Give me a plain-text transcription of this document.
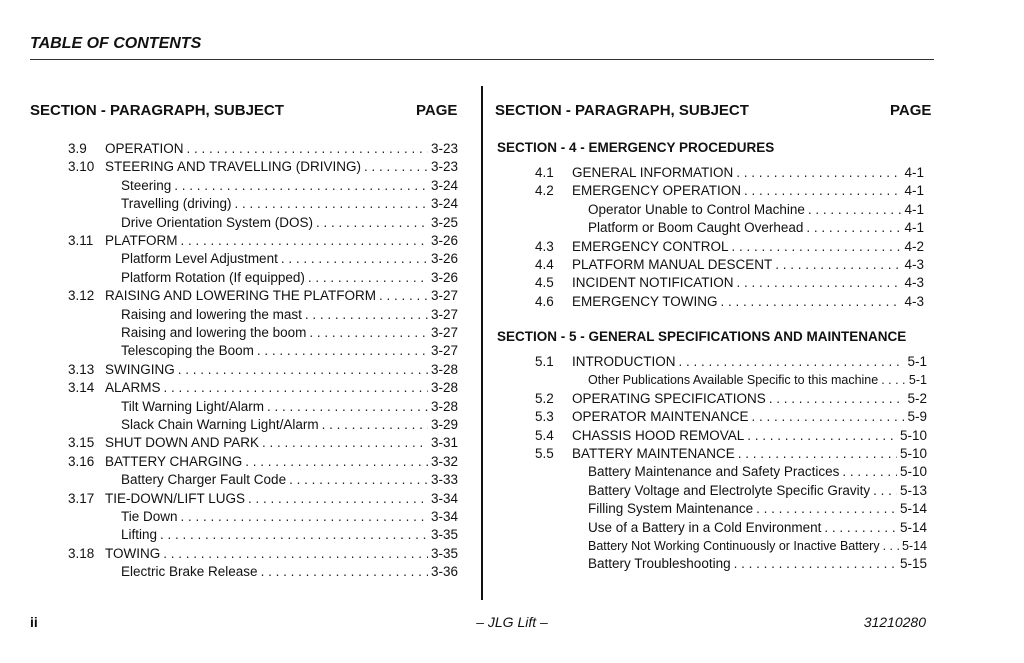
TABLE OF CONTENTS
SECTION - PARAGRAPH, SUBJECT	PAGE	SECTION - PARAGRAPH, SUBJECT	PAGE
SECTION - 4 - EMERGENCY PROCEDURES
SECTION - 5 - GENERAL SPECIFICATIONS AND MAINTENANCE
3.9	OPERATION . . .	3-23
3.10 STEERING AND TRAVELLING (DRIVING) . . .	3-23
Steering . . .	3-24
Travelling (driving) . . .	3-24
Drive Orientation System (DOS) . . .	3-25
3.11 PLATFORM . . .	3-26
Platform Level Adjustment . . .	3-26
Platform Rotation (If equipped) . . .	3-26
3.12 RAISING AND LOWERING THE PLATFORM . . .	3-27
Raising and lowering the mast . . .	3-27
Raising and lowering the boom . . .	3-27
Telescoping the Boom . . .	3-27
3.13 SWINGING . . .	3-28
3.14 ALARMS . . .	3-28
Tilt Warning Light/Alarm . . .	3-28
Slack Chain Warning Light/Alarm . . .	3-29
3.15 SHUT DOWN AND PARK . . .	3-31
3.16 BATTERY CHARGING . . .	3-32
Battery Charger Fault Code . . .	3-33
3.17 TIE-DOWN/LIFT LUGS . . .	3-34
Tie Down . . .	3-34
Lifting . . .	3-35
3.18 TOWING . . .	3-35
Electric Brake Release . . .	3-36
4.1	GENERAL INFORMATION . . .	4-1
4.2	EMERGENCY OPERATION . . .	4-1
Operator Unable to Control Machine . . .	4-1
Platform or Boom Caught Overhead . . .	4-1
4.3	EMERGENCY CONTROL . . .	4-2
4.4	PLATFORM MANUAL DESCENT . . .	4-3
4.5	INCIDENT NOTIFICATION . . .	4-3
4.6	EMERGENCY TOWING . . .	4-3
5.1	INTRODUCTION . . .	5-1
Other Publications Available Specific to this machine . . . 5-1
5.2	OPERATING SPECIFICATIONS . . .	5-2
5.3	OPERATOR MAINTENANCE . . .	5-9
5.4	CHASSIS HOOD REMOVAL . . .	5-10
5.5	BATTERY MAINTENANCE . . .	5-10
Battery Maintenance and Safety Practices . . .	5-10
Battery Voltage and Electrolyte Specific Gravity . . . 5-13
Filling System Maintenance . . .	5-14
Use of a Battery in a Cold Environment . . .	5-14
Battery Not Working Continuously or Inactive Battery . . . 5-14
Battery Troubleshooting . . .	5-15
ii	– JLG Lift –	31210280
